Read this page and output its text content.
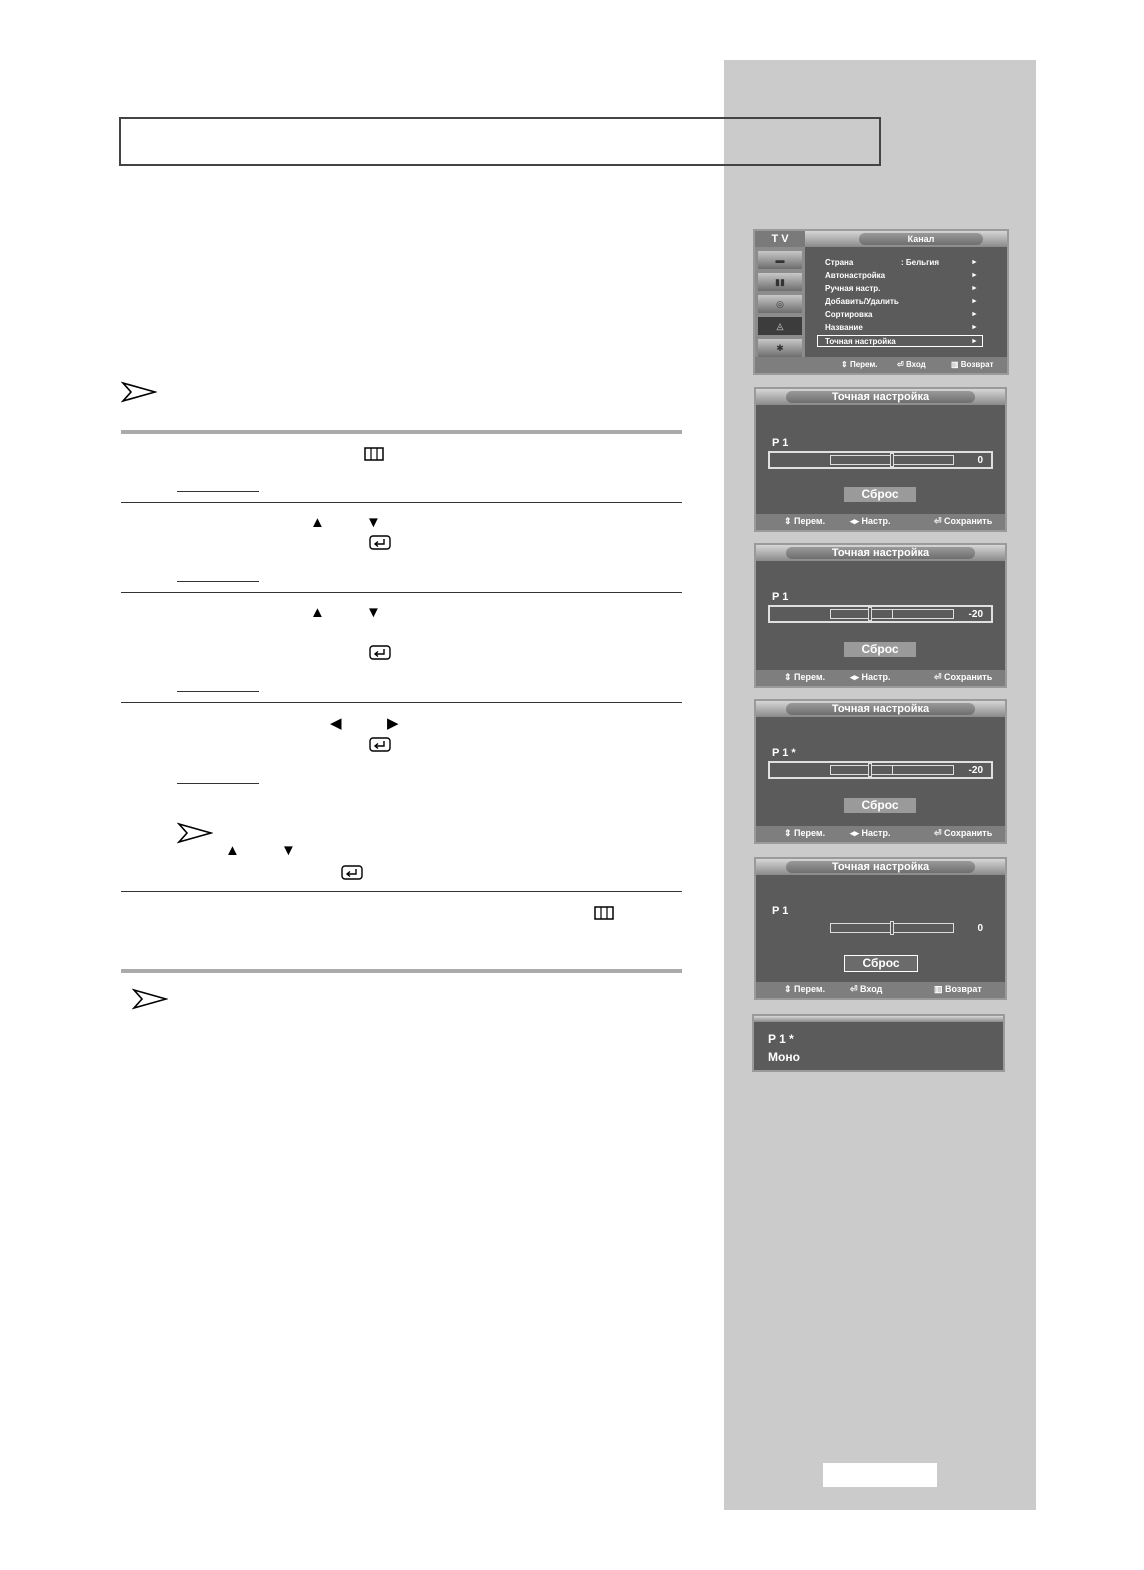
▲	▼
▲	▼
◀	▶
▲	▼
T V	Канал
▬
▮▮
◎
◬
✱
Страна	: Бельгия	►
Автонастройка	►
Ручная настр.	►
Добавить/Удалить	►
Сортировка	►
Название	►
Точная настройка	►
⇕ Перем. ⏎ Вход	▥ Возврат
Точная настройка
P 1
0
Сброс
⇕ Перем.	◂▸ Настр.	⏎ Сохранить
Точная настройка
P 1
-20
Сброс
⇕ Перем.	◂▸ Настр.	⏎ Сохранить
Точная настройка
P 1 *
-20
Сброс
⇕ Перем.	◂▸ Настр.	⏎ Сохранить
Точная настройка
P 1
0
Сброс
⇕ Перем.	⏎ Вход	▥ Возврат
P 1 *
Моно
